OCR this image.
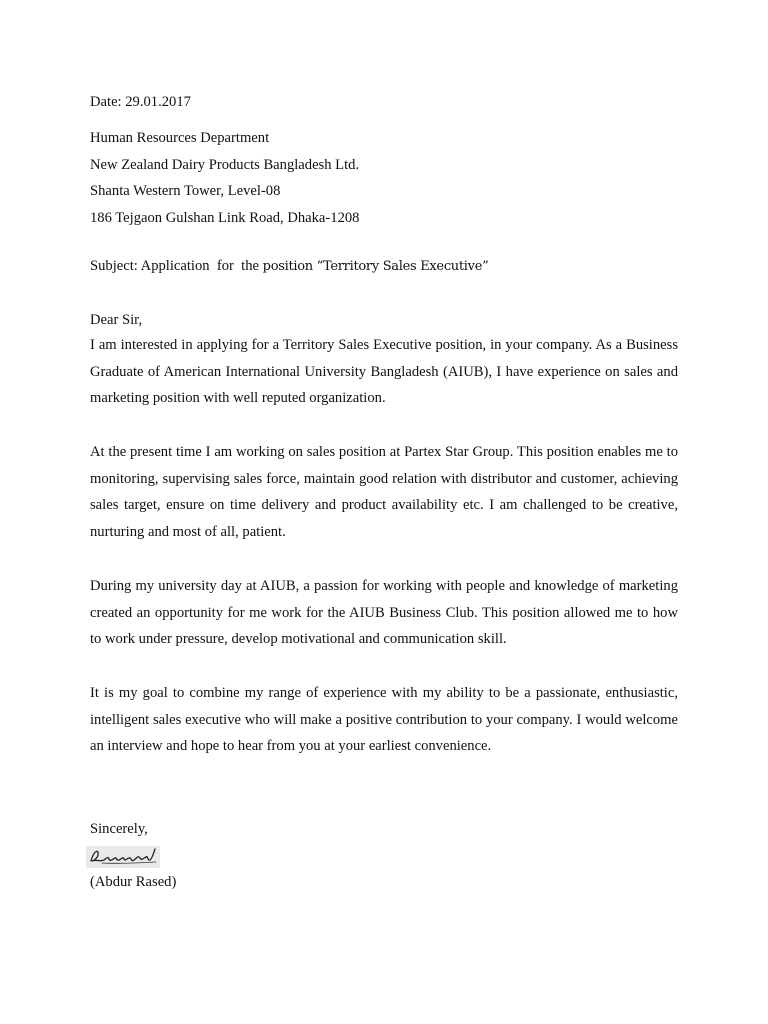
Date: 29.01.2017
Human Resources Department
New Zealand Dairy Products Bangladesh Ltd.
Shanta Western Tower, Level-08
186 Tejgaon Gulshan Link Road, Dhaka-1208
Subject: Application  for  the position “Territory Sales Executive”
Dear Sir,

I am interested in applying for a Territory Sales Executive position, in your company. As a Business Graduate of American International University Bangladesh (AIUB), I have experience on sales and marketing position with well reputed organization.

At the present time I am working on sales position at Partex Star Group. This position enables me to monitoring, supervising sales force, maintain good relation with distributor and customer, achieving sales target, ensure on time delivery and product availability etc. I am challenged to be creative, nurturing and most of all, patient.

During my university day at AIUB, a passion for working with people and knowledge of marketing created an opportunity for me work for the AIUB Business Club. This position allowed me to how to work under pressure, develop motivational and communication skill.

It is my goal to combine my range of experience with my ability to be a passionate, enthusiastic, intelligent sales executive who will make a positive contribution to your company. I would welcome an interview and hope to hear from you at your earliest convenience.

Sincerely,
(Abdur Rased)
